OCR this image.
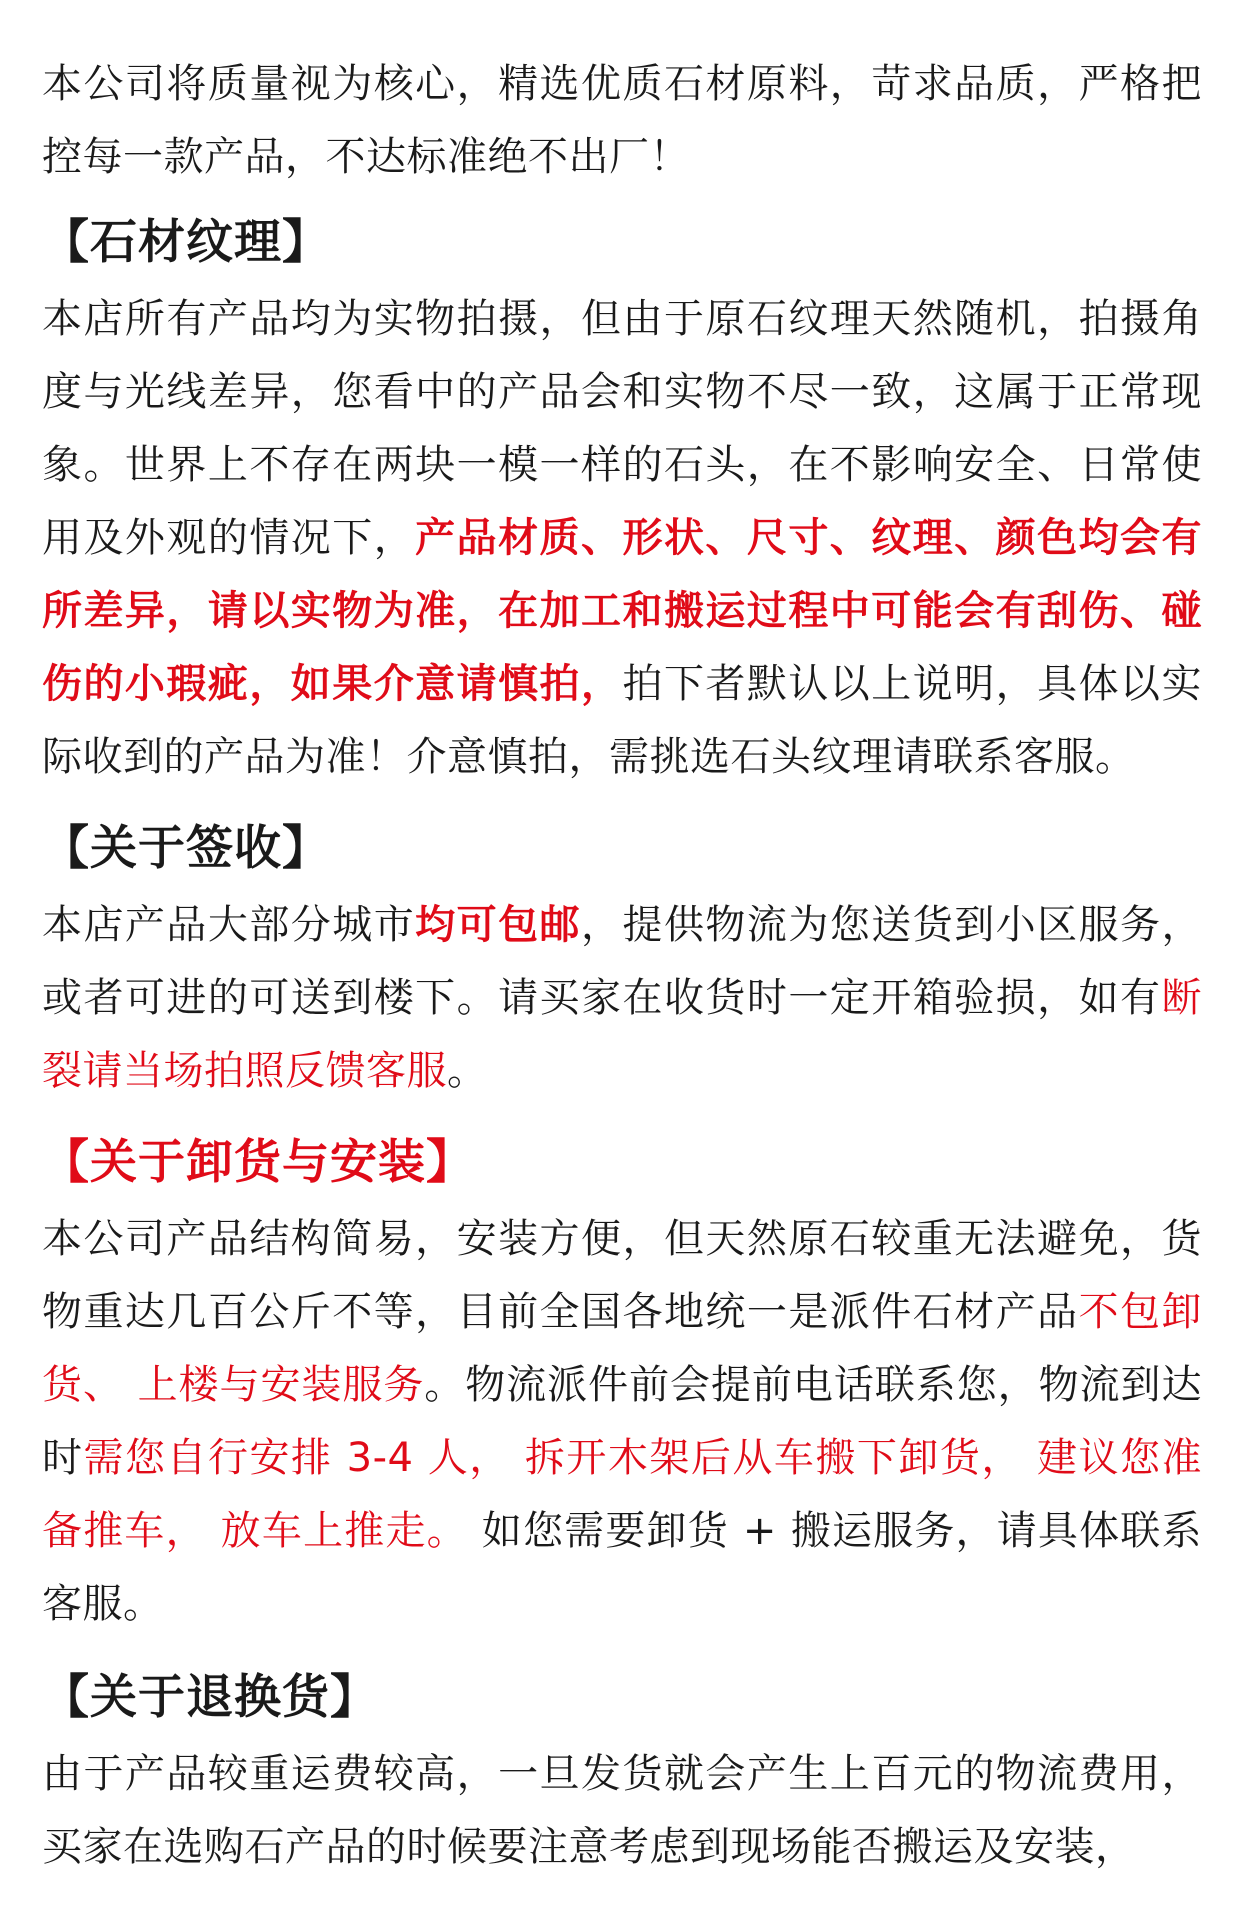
本公司将质量视为核心，精选优质石材原料，苛求品质，严格把控每一款产品，不达标准绝不出厂！

【石材纹理】

本店所有产品均为实物拍摄，但由于原石纹理天然随机，拍摄角度与光线差异，您看中的产品会和实物不尽一致，这属于正常现象。世界上不存在两块一模一样的石头，在不影响安全、日常使用及外观的情况下，产品材质、形状、尺寸、纹理、颜色均会有所差异，请以实物为准，在加工和搬运过程中可能会有刮伤、碰伤的小瑕疵，如果介意请慎拍，拍下者默认以上说明，具体以实际收到的产品为准！介意慎拍，需挑选石头纹理请联系客服。

【关于签收】

本店产品大部分城市均可包邮，提供物流为您送货到小区服务，或者可进的可送到楼下。请买家在收货时一定开箱验损，如有断裂请当场拍照反馈客服。

【关于卸货与安装】

本公司产品结构简易，安装方便，但天然原石较重无法避免，货物重达几百公斤不等，目前全国各地统一是派件石材产品不包卸货、 上楼与安装服务。物流派件前会提前电话联系您，物流到达时需您自行安排 3-4 人， 拆开木架后从车搬下卸货， 建议您准备推车， 放车上推走。 如您需要卸货 + 搬运服务，请具体联系客服。

【关于退换货】

由于产品较重运费较高，一旦发货就会产生上百元的物流费用，买家在选购石产品的时候要注意考虑到现场能否搬运及安装，
